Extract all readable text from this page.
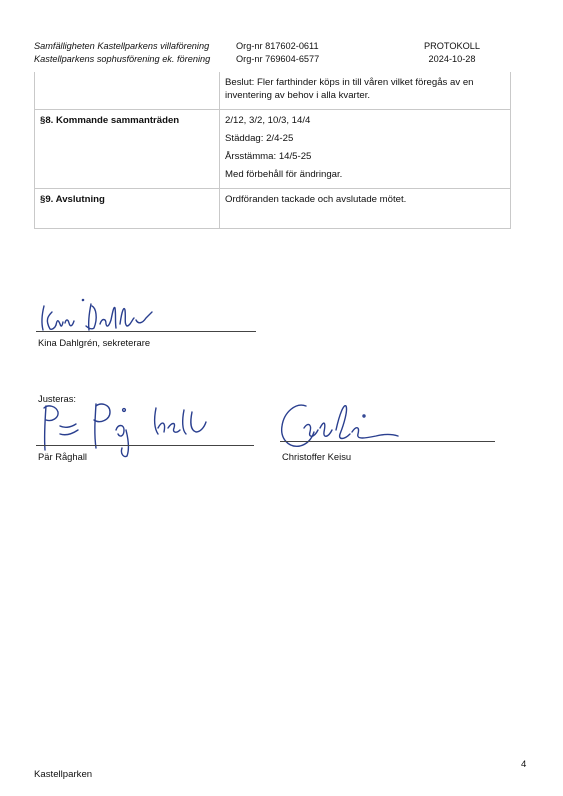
Samfälligheten Kastellparkens villaförening	Org-nr 817602-0611	PROTOKOLL
Kastellparkens sophusförening ek. förening	Org-nr 769604-6577	2024-10-28

	Beslut: Fler farthinder köps in till våren vilket föregås av en inventering av behov i alla kvarter.

§8. Kommande sammanträden	2/12, 3/2, 10/3, 14/4

Städdag: 2/4-25

Årsstämma: 14/5-25

Med förbehåll för ändringar.

§9. Avslutning	Ordföranden tackade och avslutade mötet.

Kina Dahlgrén, sekreterare
Justeras:
Pär Råghall	Christoffer Keisu
4
Kastellparken
